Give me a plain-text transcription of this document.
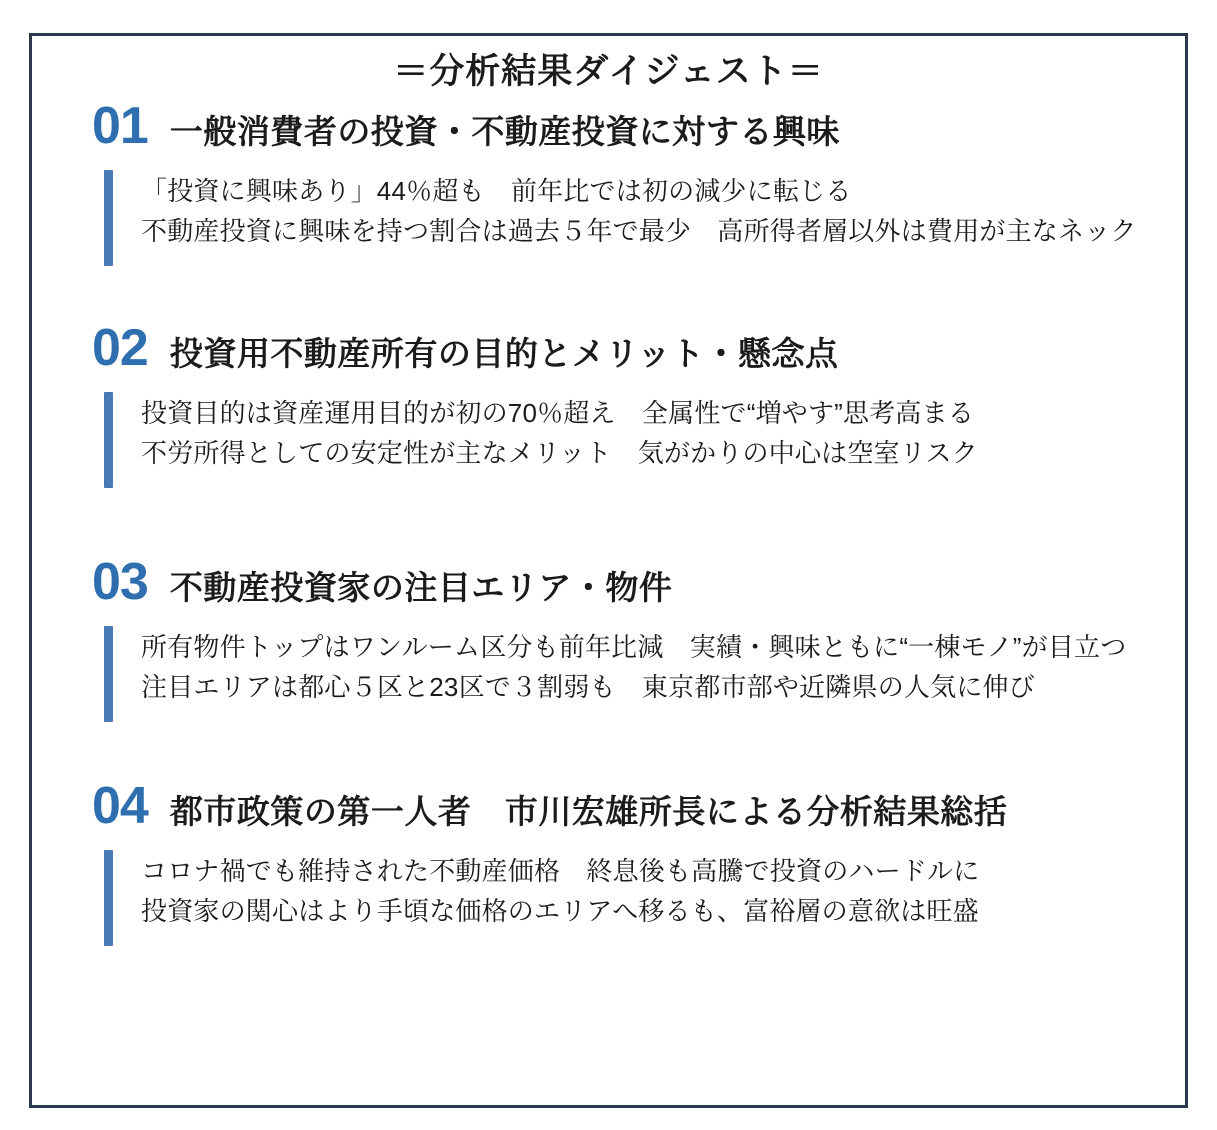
＝分析結果ダイジェスト＝
01 一般消費者の投資・不動産投資に対する興味
「投資に興味あり」44％超も　前年比では初の減少に転じる
不動産投資に興味を持つ割合は過去５年で最少　高所得者層以外は費用が主なネック
02 投資用不動産所有の目的とメリット・懸念点
投資目的は資産運用目的が初の70％超え　全属性で“増やす”思考高まる
不労所得としての安定性が主なメリット　気がかりの中心は空室リスク
03 不動産投資家の注目エリア・物件
所有物件トップはワンルーム区分も前年比減　実績・興味ともに“一棟モノ”が目立つ
注目エリアは都心５区と23区で３割弱も　東京都市部や近隣県の人気に伸び
04 都市政策の第一人者　市川宏雄所長による分析結果総括
コロナ禍でも維持された不動産価格　終息後も高騰で投資のハードルに
投資家の関心はより手頃な価格のエリアへ移るも、富裕層の意欲は旺盛
